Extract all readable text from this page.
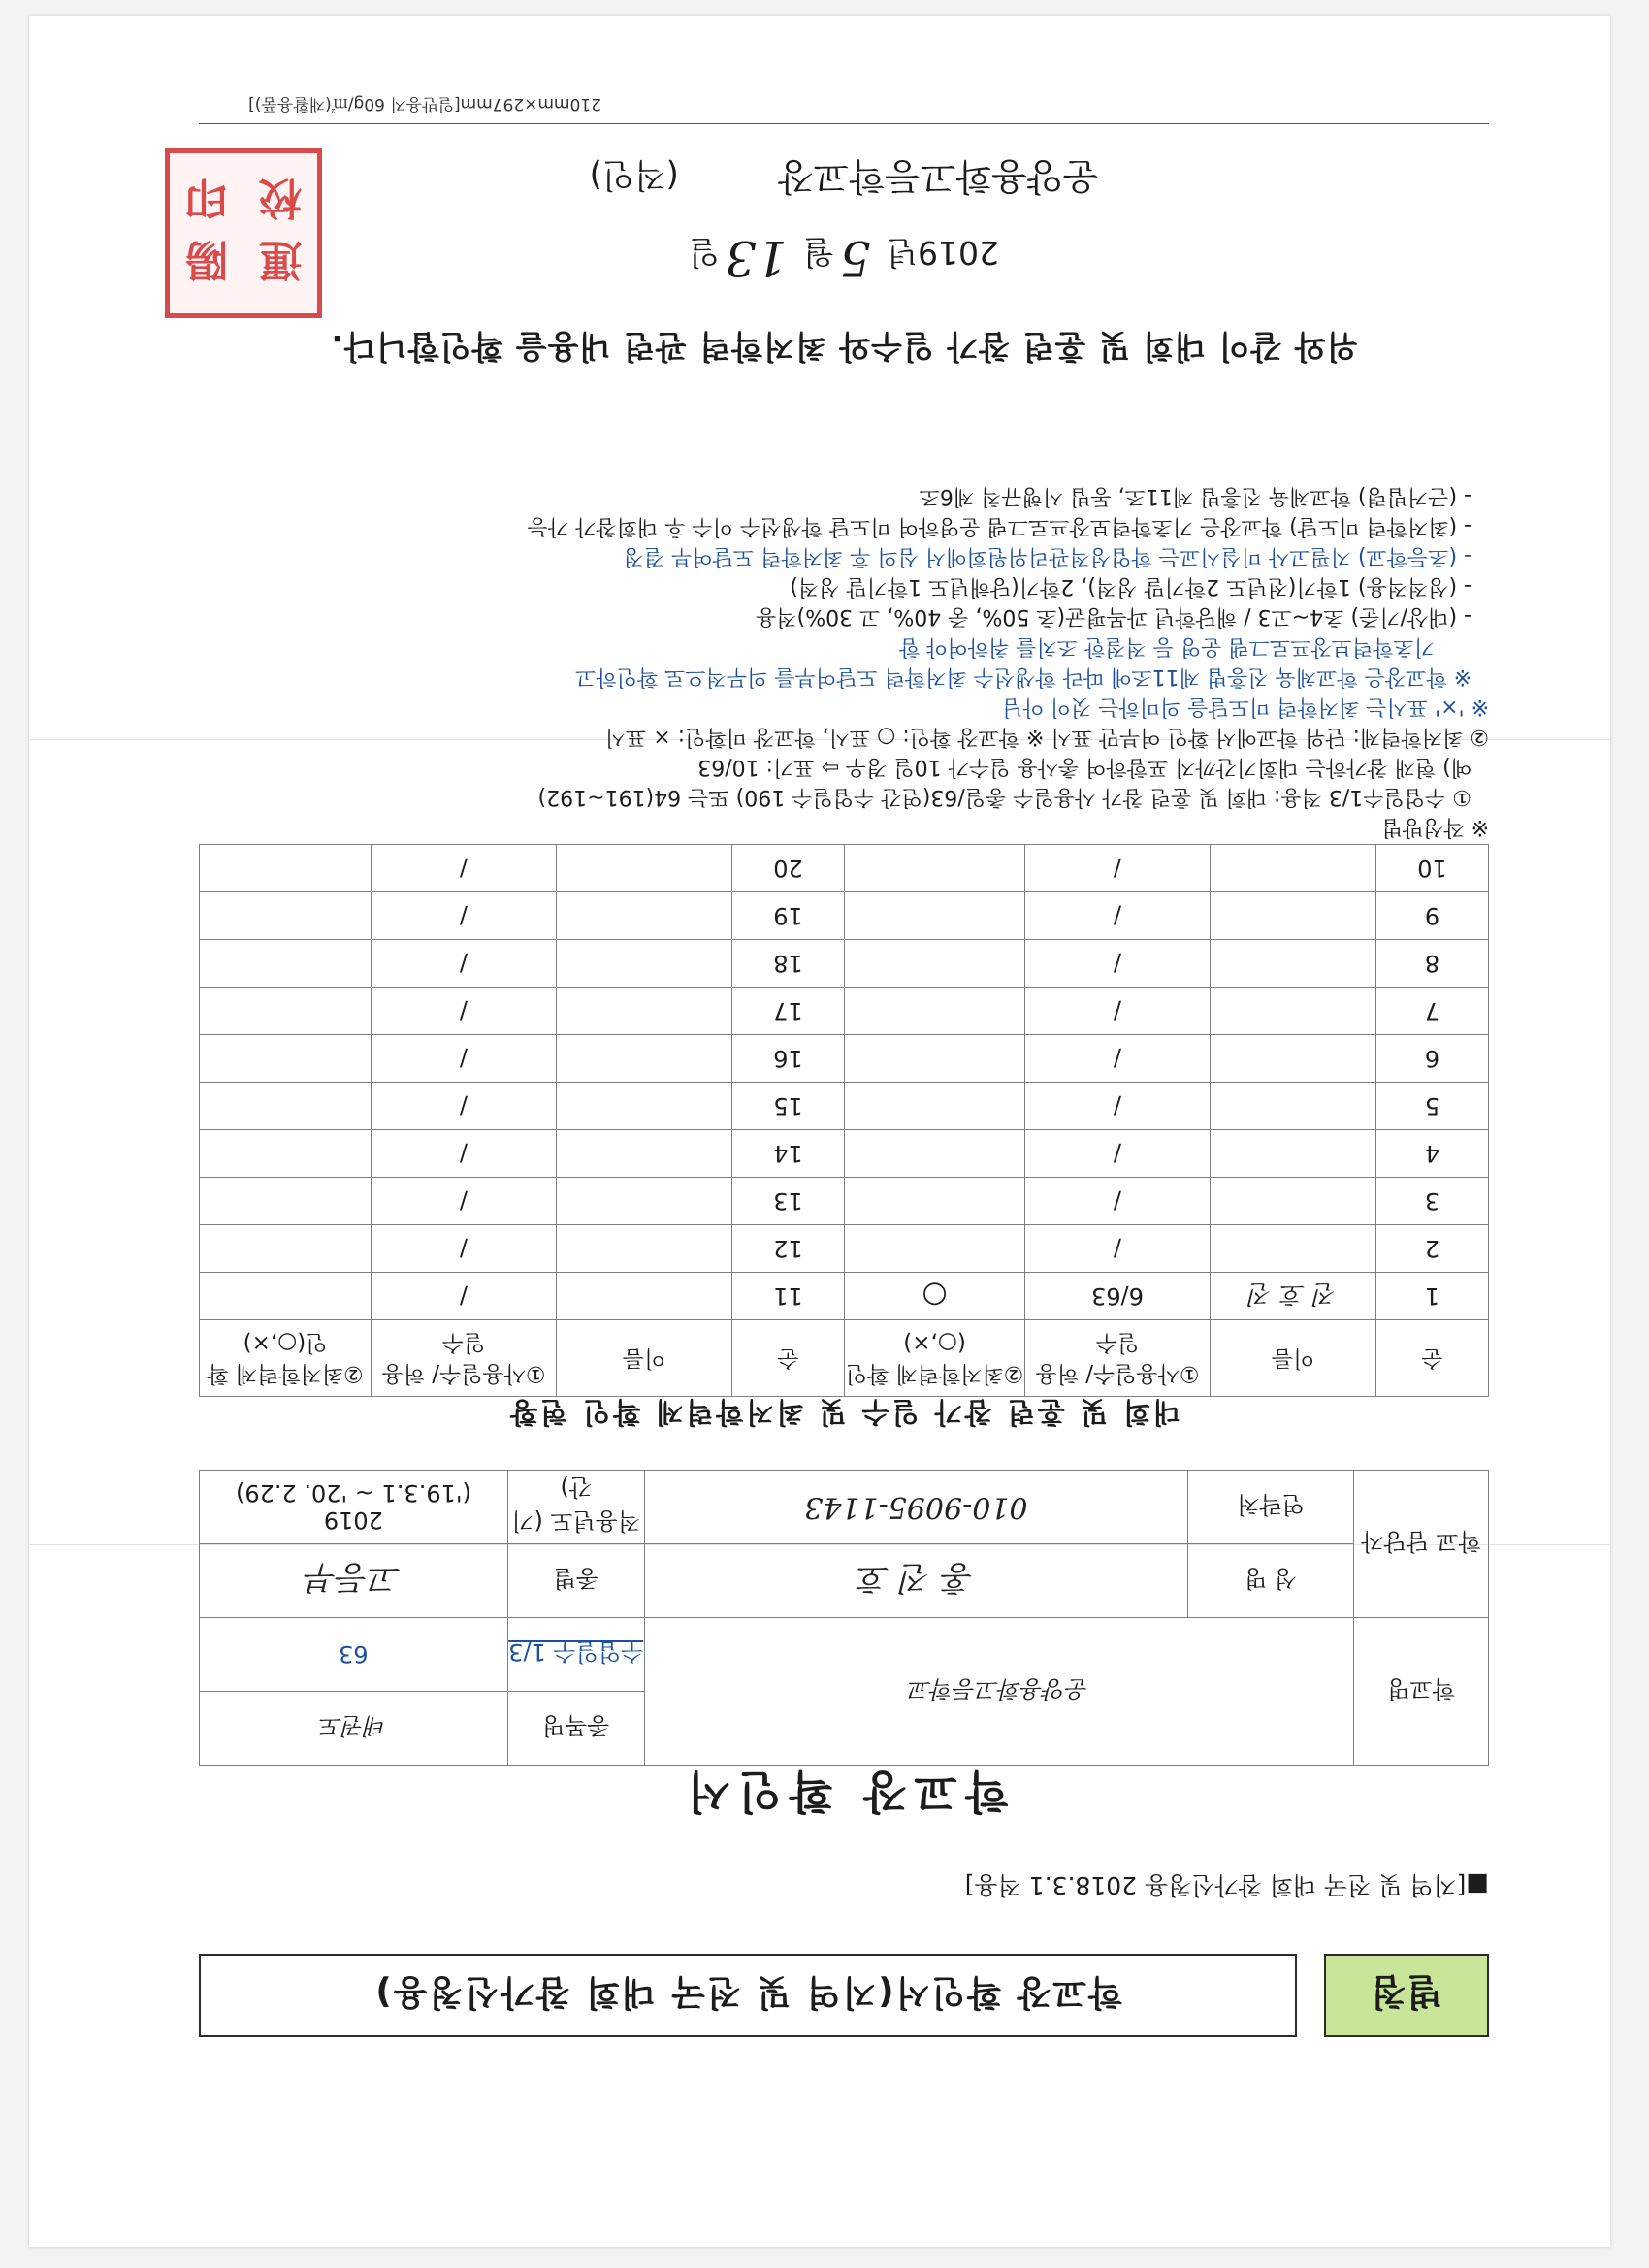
별첨
학교장 확인서(지역 및 전국 대회 참가신청용)
■[지역 및 전국 대회 참가신청용 2018.3.1 적용]
학교장 확인서
학교명	운양용화고등학교		종목명	태권도
			수업일수 1/3	63
학교 담당자	성 명	홍 진 호	종별	고등부
	연락처	010-9095-1143	적용년도 (기간)	2019
('19.3.1 ~ '20. 2.29)
대회 및 훈련 참가 일수 및 최저학력제 확인 현황
순	이름	①사용일수/ 허용일수	②최저학력제 확인(○,×)	순	이름	①사용일수/ 허용일수	②최저학력제 확인(○,×)
1	진 호 진	6/63	○	11		/	
2		/		12		/	
3		/		13		/	
4		/		14		/	
5		/		15		/	
6		/		16		/	
7		/		17		/	
8		/		18		/	
9		/		19		/	
10		/		20		/	
※ 작성방법
① 수업일수1/3 적용: 대회 및 훈련 참가 사용일수 총일/63(연간 수업일수 190) 또는 64(191~192)
예) 현재 참가하는 대회기간까지 포함하여 총사용 일수가 10일 경우 ⇨ 표기: 10/63
② 최저학력제: 단위 학교에서 확인 여부만 표시 ※ 학교장 확인: ○ 표시, 학교장 미확인: × 표시
※ '×' 표시는 최저학력 미도달을 의미하는 것이 아님
※ 학교장은 학교체육 진흥법 제11조에 따라 학생선수 최저학력 도달여부를 의무적으로 확인하고
기초학력보장프로그램 운영 등 적절한 조치를 취하여야 함
- (대상/기준) 초4~고3 / 해당학년 과목평균(초 50%, 중 40%, 고 30%)적용
- (성적적용) 1학기(전년도 2학기말 성적), 2학기(당해년도 1학기말 성적)
- (초등학교) 지필고사 미실시교는 학업성적관리위원회에서 심의 후 최저학력 도달여부 결정
- (최저학력 미도달) 학교장은 기초학력보장프로그램 운영하여 미도달 학생선수 이수 후 대회참가 가능
- (근거법령) 학교체육 진흥법 제11조, 동법 시행규칙 제6조
위와 같이 대회 및 훈련 참가 일수와 최저학력 관련 내용을 확인합니다.
2019년 5월 13일
운양용화고등학교장 (직인)
運
陽
校
印
210mm×297mm[일반용지 60g/㎡(재활용품)]
